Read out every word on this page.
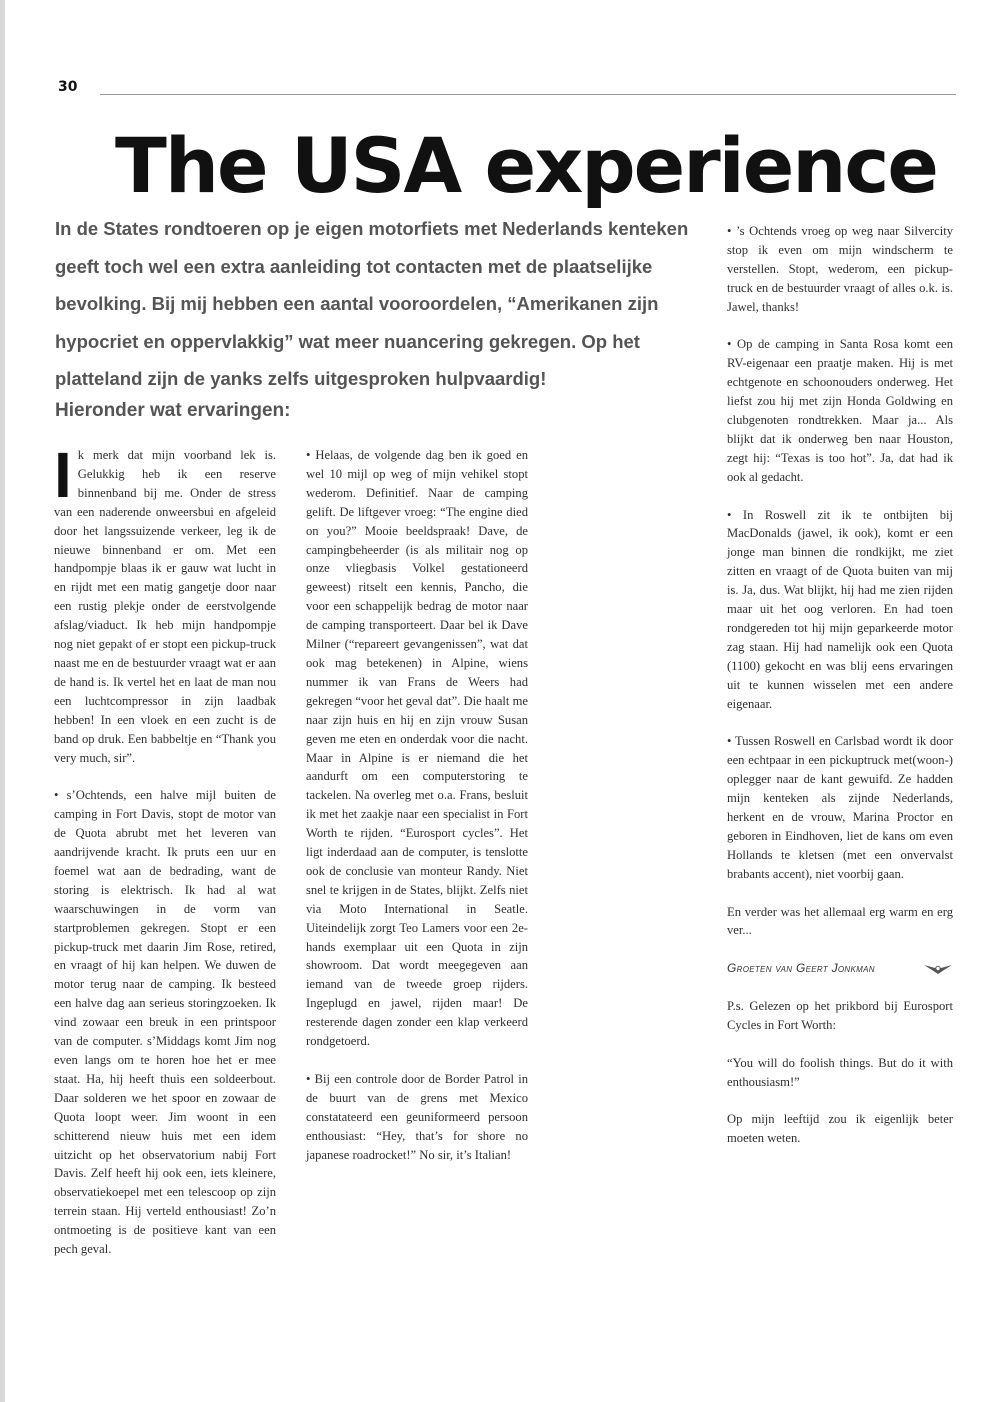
30
The USA experience

In de States rondtoeren op je eigen motorfiets met Nederlands kenteken geeft toch wel een extra aanleiding tot contacten met de plaatselijke bevolking. Bij mij hebben een aantal vooroordelen, “Amerikanen zijn hypocriet en oppervlakkig” wat meer nuancering gekregen. Op het platteland zijn de yanks zelfs uitgesproken hulpvaardig!

Hieronder wat ervaringen:

Ik merk dat mijn voorband lek is. Gelukkig heb ik een reserve binnenband bij me. Onder de stress van een naderende onweersbui en afgeleid door het langssuizende verkeer, leg ik de nieuwe binnenband er om. Met een handpompje blaas ik er gauw wat lucht in en rijdt met een matig gangetje door naar een rustig plekje onder de eerstvolgende afslag/viaduct. Ik heb mijn handpompje nog niet gepakt of er stopt een pickup-truck naast me en de bestuurder vraagt wat er aan de hand is. Ik vertel het en laat de man nou een luchtcompressor in zijn laadbak hebben! In een vloek en een zucht is de band op druk. Een babbeltje en “Thank you very much, sir”.

• s’Ochtends, een halve mijl buiten de camping in Fort Davis, stopt de motor van de Quota abrubt met het leveren van aandrijvende kracht. Ik pruts een uur en foemel wat aan de bedrading, want de storing is elektrisch. Ik had al wat waarschuwingen in de vorm van startproblemen gekregen. Stopt er een pickup-truck met daarin Jim Rose, retired, en vraagt of hij kan helpen. We duwen de motor terug naar de camping. Ik besteed een halve dag aan serieus storingzoeken. Ik vind zowaar een breuk in een printspoor van de computer. s’Middags komt Jim nog even langs om te horen hoe het er mee staat. Ha, hij heeft thuis een soldeerbout. Daar solderen we het spoor en zowaar de Quota loopt weer. Jim woont in een schitterend nieuw huis met een idem uitzicht op het observatorium nabij Fort Davis. Zelf heeft hij ook een, iets kleinere, observatiekoepel met een telescoop op zijn terrein staan. Hij verteld enthousiast! Zo’n ontmoeting is de positieve kant van een pech geval.

• Helaas, de volgende dag ben ik goed en wel 10 mijl op weg of mijn vehikel stopt wederom. Definitief. Naar de camping gelift. De liftgever vroeg: “The engine died on you?” Mooie beeldspraak! Dave, de campingbeheerder (is als militair nog op onze vliegbasis Volkel gestationeerd geweest) ritselt een kennis, Pancho, die voor een schappelijk bedrag de motor naar de camping transporteert. Daar bel ik Dave Milner (“repareert gevangenissen”, wat dat ook mag betekenen) in Alpine, wiens nummer ik van Frans de Weers had gekregen “voor het geval dat”. Die haalt me naar zijn huis en hij en zijn vrouw Susan geven me eten en onderdak voor die nacht. Maar in Alpine is er niemand die het aandurft om een computerstoring te tackelen. Na overleg met o.a. Frans, besluit ik met het zaakje naar een specialist in Fort Worth te rijden. “Eurosport cycles”. Het ligt inderdaad aan de computer, is tenslotte ook de conclusie van monteur Randy. Niet snel te krijgen in de States, blijkt. Zelfs niet via Moto International in Seatle. Uiteindelijk zorgt Teo Lamers voor een 2e-hands exemplaar uit een Quota in zijn showroom. Dat wordt meegegeven aan iemand van de tweede groep rijders. Ingeplugd en jawel, rijden maar! De resterende dagen zonder een klap verkeerd rondgetoerd.

• Bij een controle door de Border Patrol in de buurt van de grens met Mexico constatateerd een geuniformeerd persoon enthousiast: “Hey, that’s for shore no japanese roadrocket!” No sir, it’s Italian!

• ’s Ochtends vroeg op weg naar Silvercity stop ik even om mijn windscherm te verstellen. Stopt, wederom, een pickup-truck en de bestuurder vraagt of alles o.k. is. Jawel, thanks!

• Op de camping in Santa Rosa komt een RV-eigenaar een praatje maken. Hij is met echtgenote en schoonouders onderweg. Het liefst zou hij met zijn Honda Goldwing en clubgenoten rondtrekken. Maar ja... Als blijkt dat ik onderweg ben naar Houston, zegt hij: “Texas is too hot”. Ja, dat had ik ook al gedacht.

• In Roswell zit ik te ontbijten bij MacDonalds (jawel, ik ook), komt er een jonge man binnen die rondkijkt, me ziet zitten en vraagt of de Quota buiten van mij is. Ja, dus. Wat blijkt, hij had me zien rijden maar uit het oog verloren. En had toen rondgereden tot hij mijn geparkeerde motor zag staan. Hij had namelijk ook een Quota (1100) gekocht en was blij eens ervaringen uit te kunnen wisselen met een andere eigenaar.

• Tussen Roswell en Carlsbad wordt ik door een echtpaar in een pickuptruck met(woon-) oplegger naar de kant gewuifd. Ze hadden mijn kenteken als zijnde Nederlands, herkent en de vrouw, Marina Proctor en geboren in Eindhoven, liet de kans om even Hollands te kletsen (met een onvervalst brabants accent), niet voorbij gaan.

En verder was het allemaal erg warm en erg ver...

Groeten van Geert Jonkman

P.s. Gelezen op het prikbord bij Eurosport Cycles in Fort Worth:

“You will do foolish things. But do it with enthousiasm!”

Op mijn leeftijd zou ik eigenlijk beter moeten weten.
